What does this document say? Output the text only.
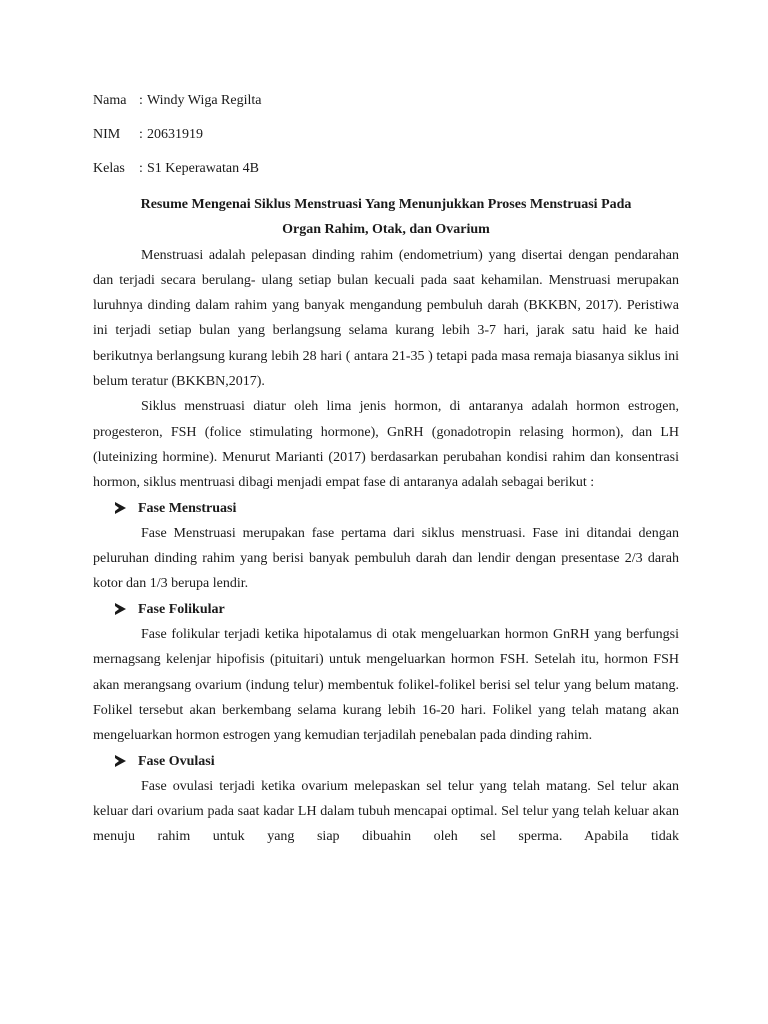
Nama : Windy Wiga Regilta
NIM	: 20631919
Kelas	: S1 Keperawatan 4B
Resume Mengenai Siklus Menstruasi Yang Menunjukkan Proses Menstruasi Pada
Organ Rahim, Otak, dan Ovarium

Menstruasi adalah pelepasan dinding rahim (endometrium) yang disertai dengan pendarahan dan terjadi secara berulang- ulang setiap bulan kecuali pada saat kehamilan. Menstruasi merupakan luruhnya dinding dalam rahim yang banyak mengandung pembuluh darah (BKKBN, 2017). Peristiwa ini terjadi setiap bulan yang berlangsung selama kurang lebih 3-7 hari, jarak satu haid ke haid berikutnya berlangsung kurang lebih 28 hari ( antara 21-35 ) tetapi pada masa remaja biasanya siklus ini belum teratur (BKKBN,2017).

Siklus menstruasi diatur oleh lima jenis hormon, di antaranya adalah hormon estrogen, progesteron, FSH (folice stimulating hormone), GnRH (gonadotropin relasing hormon), dan LH (luteinizing hormine). Menurut Marianti (2017) berdasarkan perubahan kondisi rahim dan konsentrasi hormon, siklus mentruasi dibagi menjadi empat fase di antaranya adalah sebagai berikut :

Fase Menstruasi

Fase Menstruasi merupakan fase pertama dari siklus menstruasi. Fase ini ditandai dengan peluruhan dinding rahim yang berisi banyak pembuluh darah dan lendir dengan presentase 2/3 darah kotor dan 1/3 berupa lendir.

Fase Folikular

Fase folikular terjadi ketika hipotalamus di otak mengeluarkan hormon GnRH yang berfungsi mernagsang kelenjar hipofisis (pituitari) untuk mengeluarkan hormon FSH. Setelah itu, hormon FSH akan merangsang ovarium (indung telur) membentuk folikel-folikel berisi sel telur yang belum matang. Folikel tersebut akan berkembang selama kurang lebih 16-20 hari. Folikel yang telah matang akan mengeluarkan hormon estrogen yang kemudian terjadilah penebalan pada dinding rahim.

Fase Ovulasi

Fase ovulasi terjadi ketika ovarium melepaskan sel telur yang telah matang. Sel telur akan keluar dari ovarium pada saat kadar LH dalam tubuh mencapai optimal. Sel telur yang telah keluar akan menuju rahim untuk yang siap dibuahin oleh sel sperma. Apabila tidak
